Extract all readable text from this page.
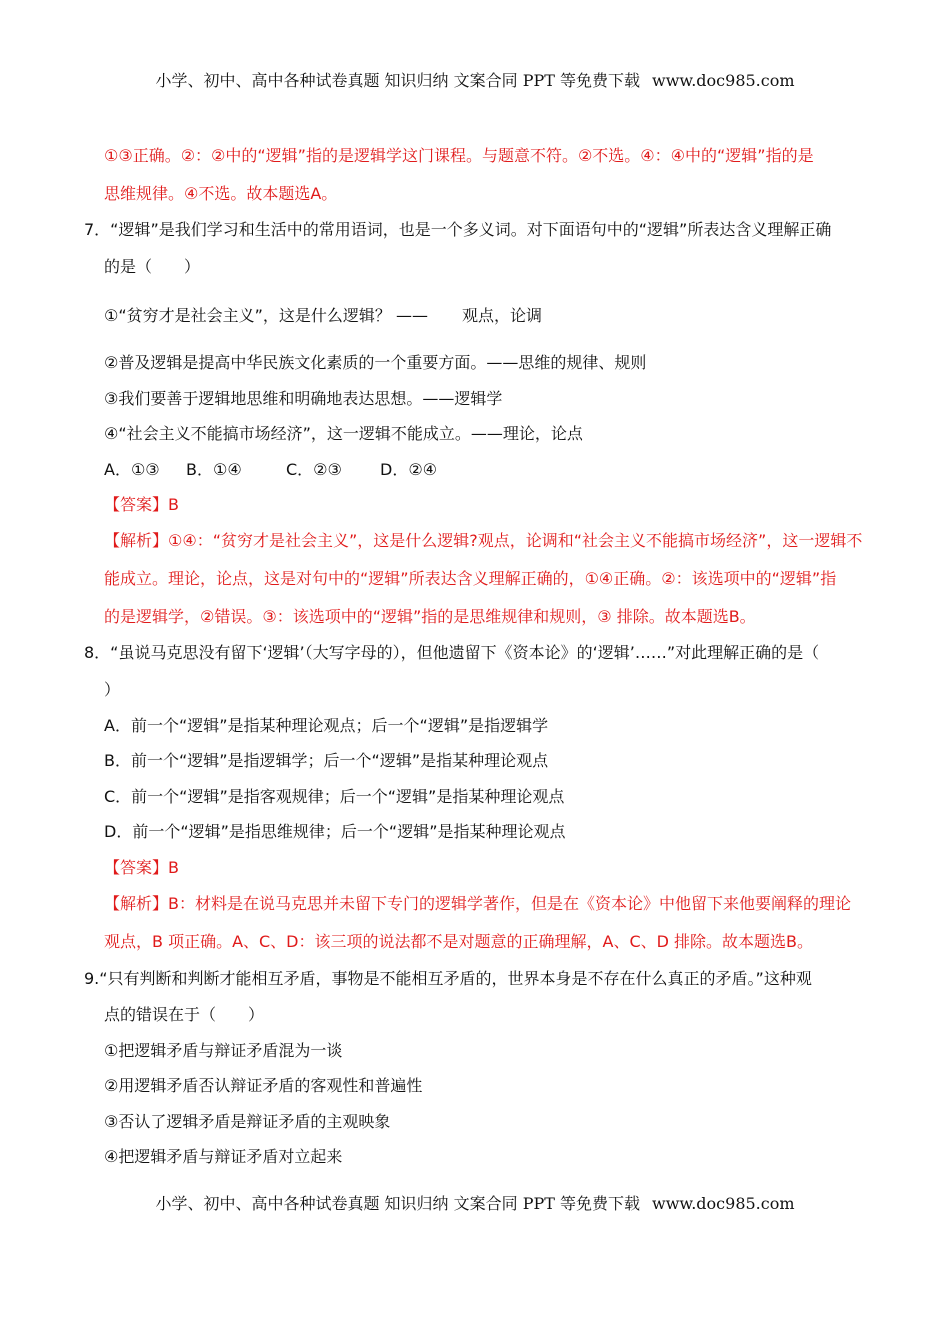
小学、初中、高中各种试卷真题 知识归纳 文案合同 PPT 等免费下载 www.doc985.com
①③正确。②：②中的“逻辑”指的是逻辑学这门课程。与题意不符。②不选。④：④中的“逻辑”指的是
思维规律。④不选。故本题选A。
7．“逻辑”是我们学习和生活中的常用语词，也是一个多义词。对下面语句中的“逻辑”所表达含义理解正确
的是（　　）
①“贫穷才是社会主义”，这是什么逻辑？ —— 观点，论调
②普及逻辑是提高中华民族文化素质的一个重要方面。——思维的规律、规则
③我们要善于逻辑地思维和明确地表达思想。——逻辑学
④“社会主义不能搞市场经济”，这一逻辑不能成立。——理论，论点
A．①③ B．①④	C．②③ D．②④
【答案】B
【解析】①④：“贫穷才是社会主义”，这是什么逻辑?观点，论调和“社会主义不能搞市场经济”，这一逻辑不
能成立。理论，论点，这是对句中的“逻辑”所表达含义理解正确的，①④正确。②：该选项中的“逻辑”指
的是逻辑学，②错误。③：该选项中的“逻辑”指的是思维规律和规则，③ 排除。故本题选B。
8．“虽说马克思没有留下‘逻辑’（大写字母的），但他遗留下《资本论》的‘逻辑’……”对此理解正确的是（
）
A．前一个“逻辑”是指某种理论观点；后一个“逻辑”是指逻辑学
B．前一个“逻辑”是指逻辑学；后一个“逻辑”是指某种理论观点
C．前一个“逻辑”是指客观规律；后一个“逻辑”是指某种理论观点
D．前一个“逻辑”是指思维规律；后一个“逻辑”是指某种理论观点
【答案】B
【解析】B：材料是在说马克思并未留下专门的逻辑学著作，但是在《资本论》中他留下来他要阐释的理论
观点，B 项正确。A、C、D：该三项的说法都不是对题意的正确理解，A、C、D 排除。故本题选B。
9.“只有判断和判断才能相互矛盾，事物是不能相互矛盾的，世界本身是不存在什么真正的矛盾。”这种观
点的错误在于（　　）
①把逻辑矛盾与辩证矛盾混为一谈
②用逻辑矛盾否认辩证矛盾的客观性和普遍性
③否认了逻辑矛盾是辩证矛盾的主观映象
④把逻辑矛盾与辩证矛盾对立起来
小学、初中、高中各种试卷真题 知识归纳 文案合同 PPT 等免费下载 www.doc985.com
